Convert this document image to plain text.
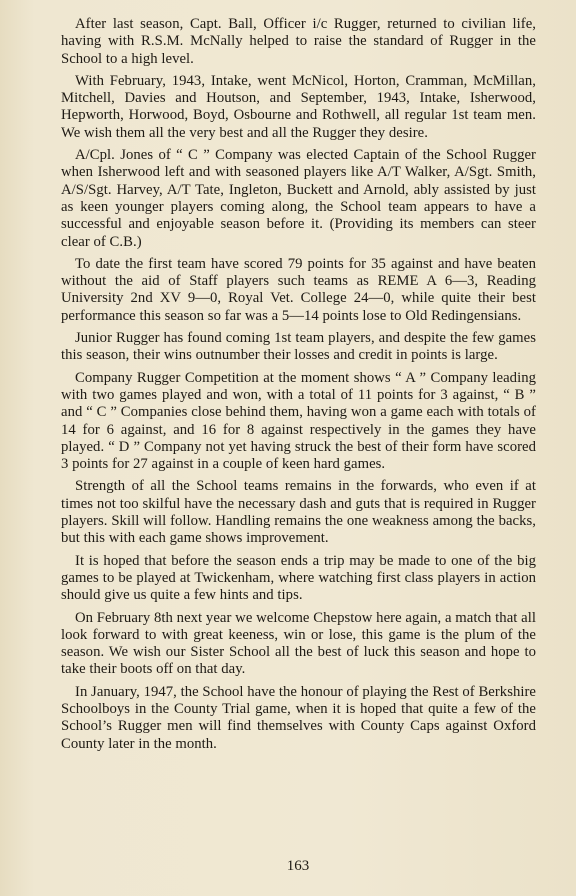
After last season, Capt. Ball, Officer i/c Rugger, returned to civilian life, having with R.S.M. McNally helped to raise the standard of Rugger in the School to a high level.

With February, 1943, Intake, went McNicol, Horton, Cramman, McMillan, Mitchell, Davies and Houtson, and September, 1943, Intake, Isherwood, Hepworth, Horwood, Boyd, Osbourne and Rothwell, all regular 1st team men. We wish them all the very best and all the Rugger they desire.

A/Cpl. Jones of “ C ” Company was elected Captain of the School Rugger when Isherwood left and with seasoned players like A/T Walker, A/Sgt. Smith, A/S/Sgt. Harvey, A/T Tate, Ingleton, Buckett and Arnold, ably assisted by just as keen younger players coming along, the School team appears to have a successful and enjoyable season before it. (Providing its members can steer clear of C.B.)

To date the first team have scored 79 points for 35 against and have beaten without the aid of Staff players such teams as REME A 6—3, Reading University 2nd XV 9—0, Royal Vet. College 24—0, while quite their best performance this season so far was a 5—14 points lose to Old Redingensians.

Junior Rugger has found coming 1st team players, and despite the few games this season, their wins outnumber their losses and credit in points is large.

Company Rugger Competition at the moment shows “ A ” Company leading with two games played and won, with a total of 11 points for 3 against, “ B ” and “ C ” Companies close behind them, having won a game each with totals of 14 for 6 against, and 16 for 8 against respectively in the games they have played. “ D ” Company not yet having struck the best of their form have scored 3 points for 27 against in a couple of keen hard games.

Strength of all the School teams remains in the forwards, who even if at times not too skilful have the necessary dash and guts that is required in Rugger players. Skill will follow. Handling remains the one weakness among the backs, but this with each game shows improvement.

It is hoped that before the season ends a trip may be made to one of the big games to be played at Twickenham, where watching first class players in action should give us quite a few hints and tips.

On February 8th next year we welcome Chepstow here again, a match that all look forward to with great keeness, win or lose, this game is the plum of the season. We wish our Sister School all the best of luck this season and hope to take their boots off on that day.

In January, 1947, the School have the honour of playing the Rest of Berkshire Schoolboys in the County Trial game, when it is hoped that quite a few of the School’s Rugger men will find themselves with County Caps against Oxford County later in the month.

163
